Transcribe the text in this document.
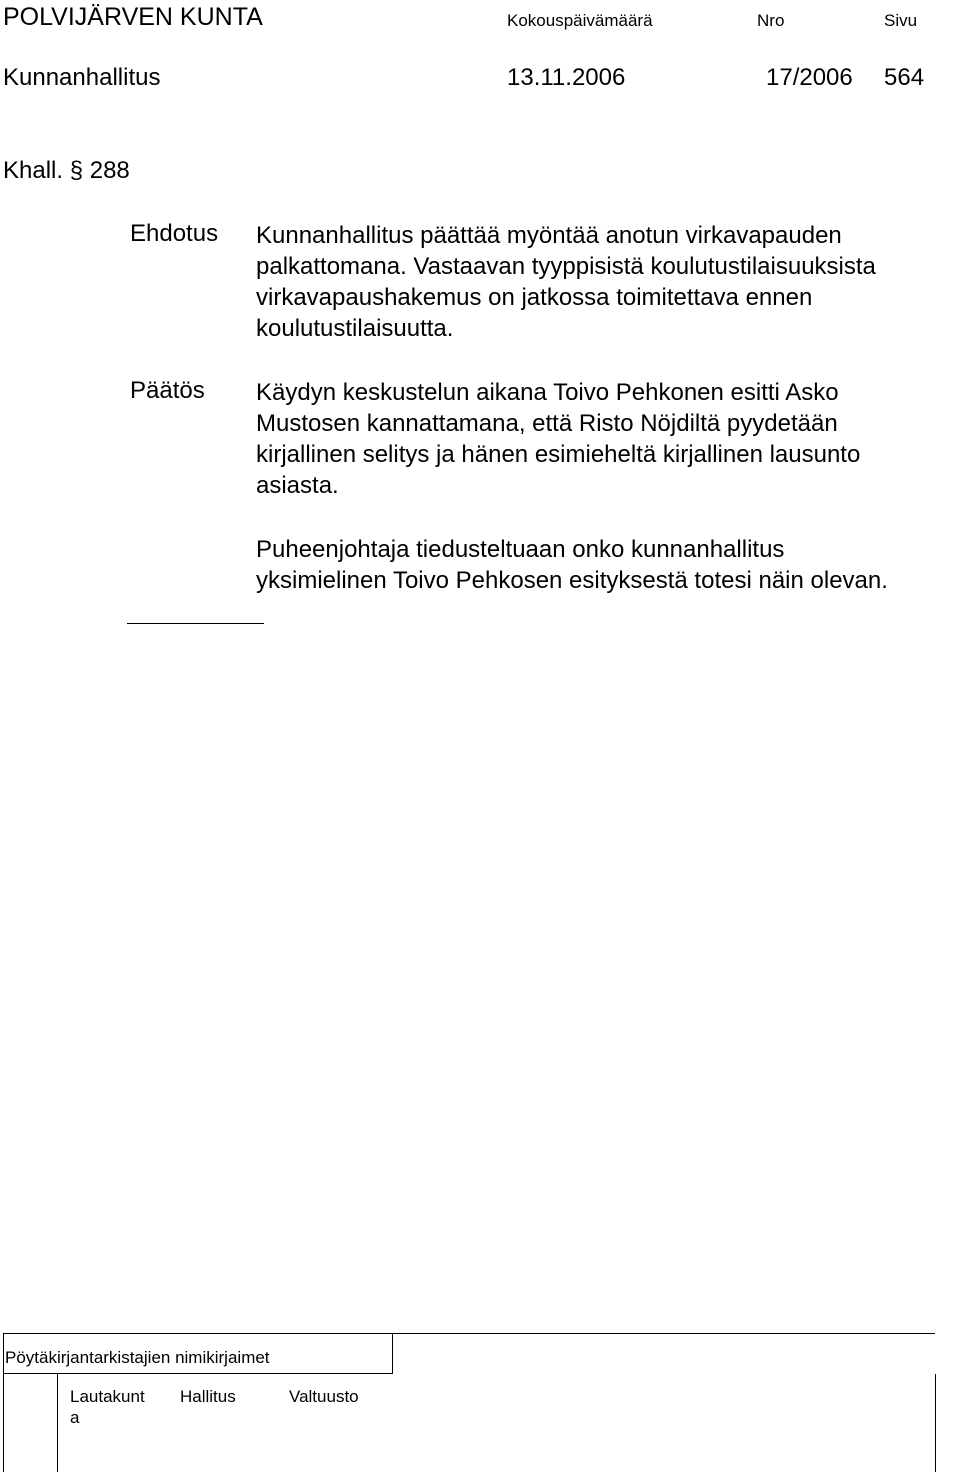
POLVIJÄRVEN KUNTA	Kokouspäivämäärä	Nro	Sivu
Kunnanhallitus	13.11.2006	17/2006 564
Khall. § 288
Ehdotus Kunnanhallitus päättää myöntää anotun virkavapauden
palkattomana. Vastaavan tyyppisistä koulutustilaisuuksista
virkavapaushakemus on jatkossa toimitettava ennen
koulutustilaisuutta.
Päätös Käydyn keskustelun aikana Toivo Pehkonen esitti Asko
Mustosen kannattamana, että Risto Nöjdiltä pyydetään
kirjallinen selitys ja hänen esimieheltä kirjallinen lausunto
asiasta.
Puheenjohtaja tiedusteltuaan onko kunnanhallitus
yksimielinen Toivo Pehkosen esityksestä totesi näin olevan.
Pöytäkirjantarkistajien nimikirjaimet
Lautakunt
a
Hallitus	Valtuusto
